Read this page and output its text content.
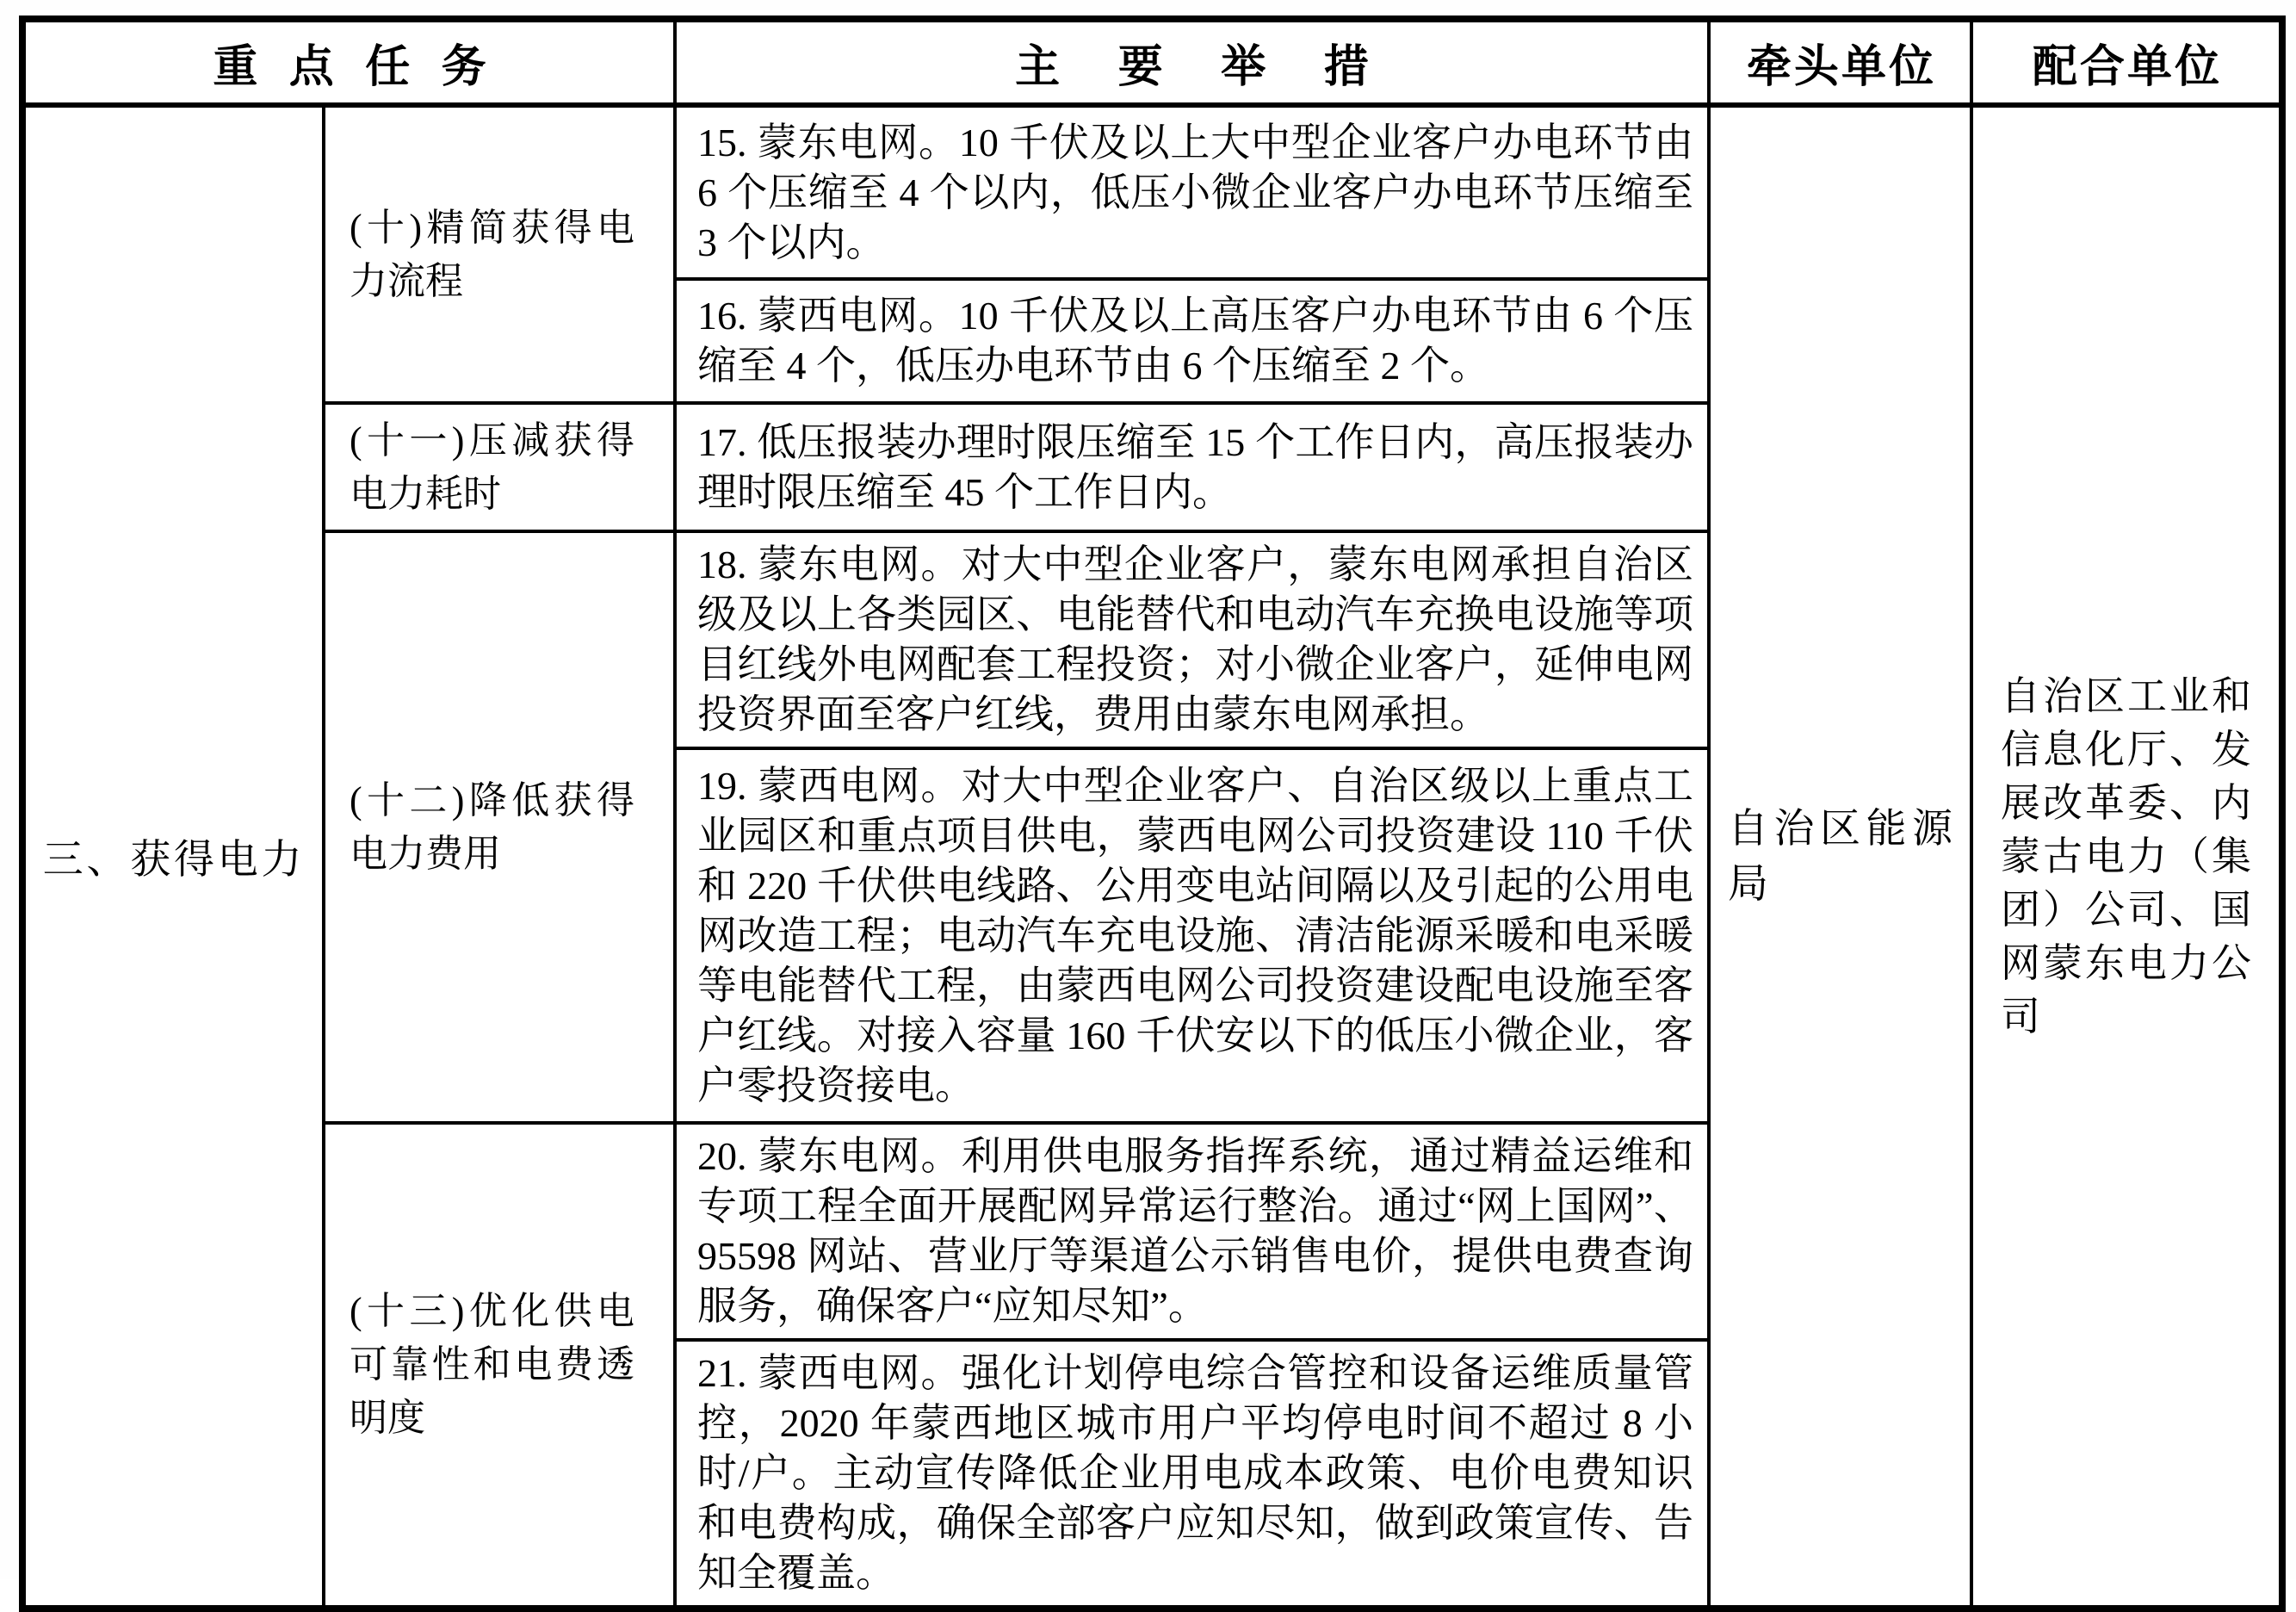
重点任务		主要举措	牵头单位	配合单位
三、获得电力	(十)精简获得电力流程	15. 蒙东电网。10 千伏及以上大中型企业客户办电环节由 6 个压缩至 4 个以内，低压小微企业客户办电环节压缩至 3 个以内。	自治区能源局	自治区工业和信息化厅、发展改革委、内蒙古电力（集团）公司、国网蒙东电力公司

		16. 蒙西电网。10 千伏及以上高压客户办电环节由 6 个压缩至 4 个，低压办电环节由 6 个压缩至 2 个。		

	(十一)压减获得电力耗时	17. 低压报装办理时限压缩至 15 个工作日内，高压报装办理时限压缩至 45 个工作日内。		

	(十二)降低获得电力费用	18. 蒙东电网。对大中型企业客户，蒙东电网承担自治区级及以上各类园区、电能替代和电动汽车充换电设施等项目红线外电网配套工程投资；对小微企业客户，延伸电网投资界面至客户红线，费用由蒙东电网承担。		

		19. 蒙西电网。对大中型企业客户、自治区级以上重点工业园区和重点项目供电，蒙西电网公司投资建设 110 千伏和 220 千伏供电线路、公用变电站间隔以及引起的公用电网改造工程；电动汽车充电设施、清洁能源采暖和电采暖等电能替代工程，由蒙西电网公司投资建设配电设施至客户红线。对接入容量 160 千伏安以下的低压小微企业，客户零投资接电。		

	(十三)优化供电可靠性和电费透明度	20. 蒙东电网。利用供电服务指挥系统，通过精益运维和专项工程全面开展配网异常运行整治。通过“网上国网”、95598 网站、营业厅等渠道公示销售电价，提供电费查询服务，确保客户“应知尽知”。		

		21. 蒙西电网。强化计划停电综合管控和设备运维质量管控，2020 年蒙西地区城市用户平均停电时间不超过 8 小时/户。主动宣传降低企业用电成本政策、电价电费知识和电费构成，确保全部客户应知尽知，做到政策宣传、告知全覆盖。		
